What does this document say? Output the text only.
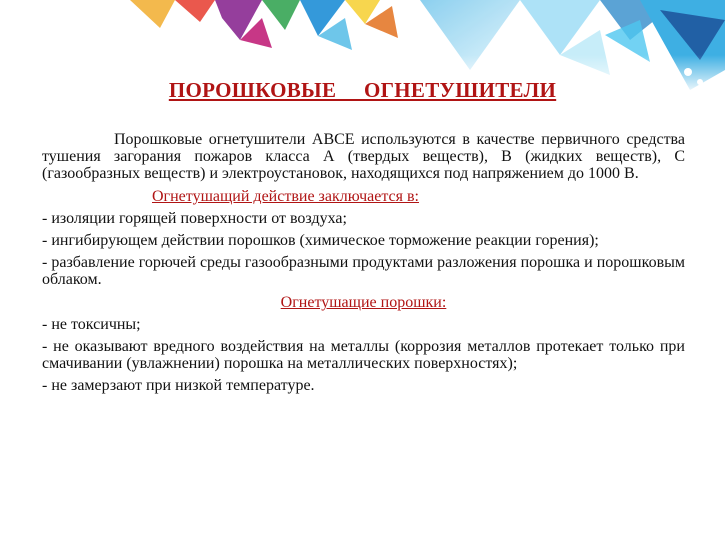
ПОРОШКОВЫЕ     ОГНЕТУШИТЕЛИ

Порошковые огнетушители АВСЕ используются в качестве первичного средства тушения загорания пожаров класса А (твердых веществ), В (жидких веществ), С (газообразных веществ) и электроустановок, находящихся под напряжением до 1000 В.

Огнетушащий действие заключается в:

- изоляции горящей поверхности от воздуха;

- ингибирующем действии порошков (химическое торможение реакции горения);

- разбавление горючей среды газообразными продуктами разложения порошка и порошковым облаком.

Огнетушащие порошки:

- не токсичны;

- не оказывают вредного воздействия на металлы (коррозия металлов протекает только при смачивании (увлажнении) порошка на металлических поверхностях);

- не замерзают при низкой температуре.
